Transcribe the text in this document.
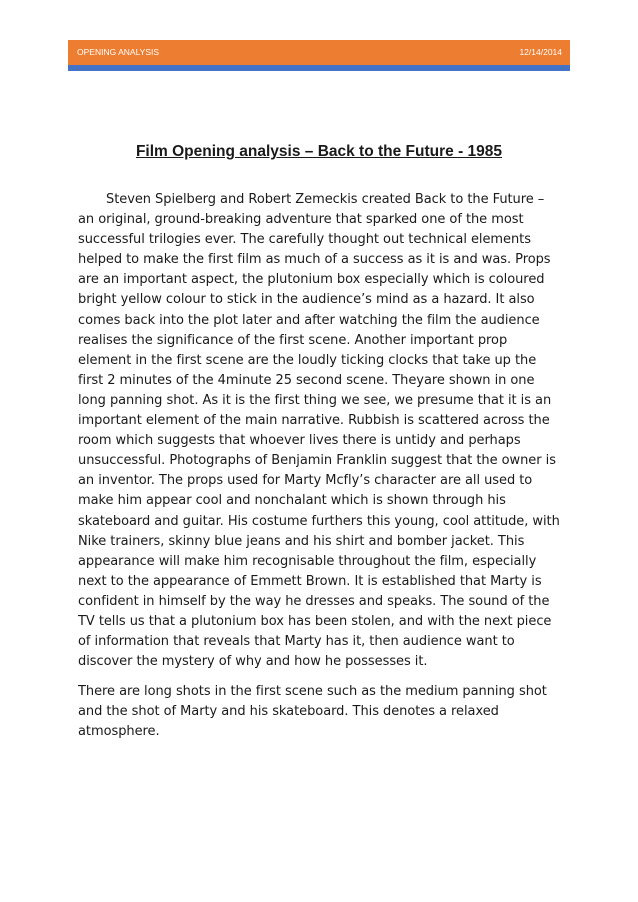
OPENING ANALYSIS	12/14/2014
Film Opening analysis – Back to the Future - 1985

Steven Spielberg and Robert Zemeckis created Back to the Future – an original, ground-breaking adventure that sparked one of the most successful trilogies ever. The carefully thought out technical elements helped to make the first film as much of a success as it is and was. Props are an important aspect, the plutonium box especially which is coloured bright yellow colour to stick in the audience’s mind as a hazard. It also comes back into the plot later and after watching the film the audience realises the significance of the first scene. Another important prop element in the first scene are the loudly ticking clocks that take up the first 2 minutes of the 4minute 25 second scene. Theyare shown in one long panning shot. As it is the first thing we see, we presume that it is an important element of the main narrative. Rubbish is scattered across the room which suggests that whoever lives there is untidy and perhaps unsuccessful. Photographs of Benjamin Franklin suggest that the owner is an inventor. The props used for Marty Mcfly’s character are all used to make him appear cool and nonchalant which is shown through his skateboard and guitar. His costume furthers this young, cool attitude, with Nike trainers, skinny blue jeans and his shirt and bomber jacket. This appearance will make him recognisable throughout the film, especially next to the appearance of Emmett Brown. It is established that Marty is confident in himself by the way he dresses and speaks. The sound of the TV tells us that a plutonium box has been stolen, and with the next piece of information that reveals that Marty has it, then audience want to discover the mystery of why and how he possesses it.

There are long shots in the first scene such as the medium panning shot and the shot of Marty and his skateboard. This denotes a relaxed atmosphere.
